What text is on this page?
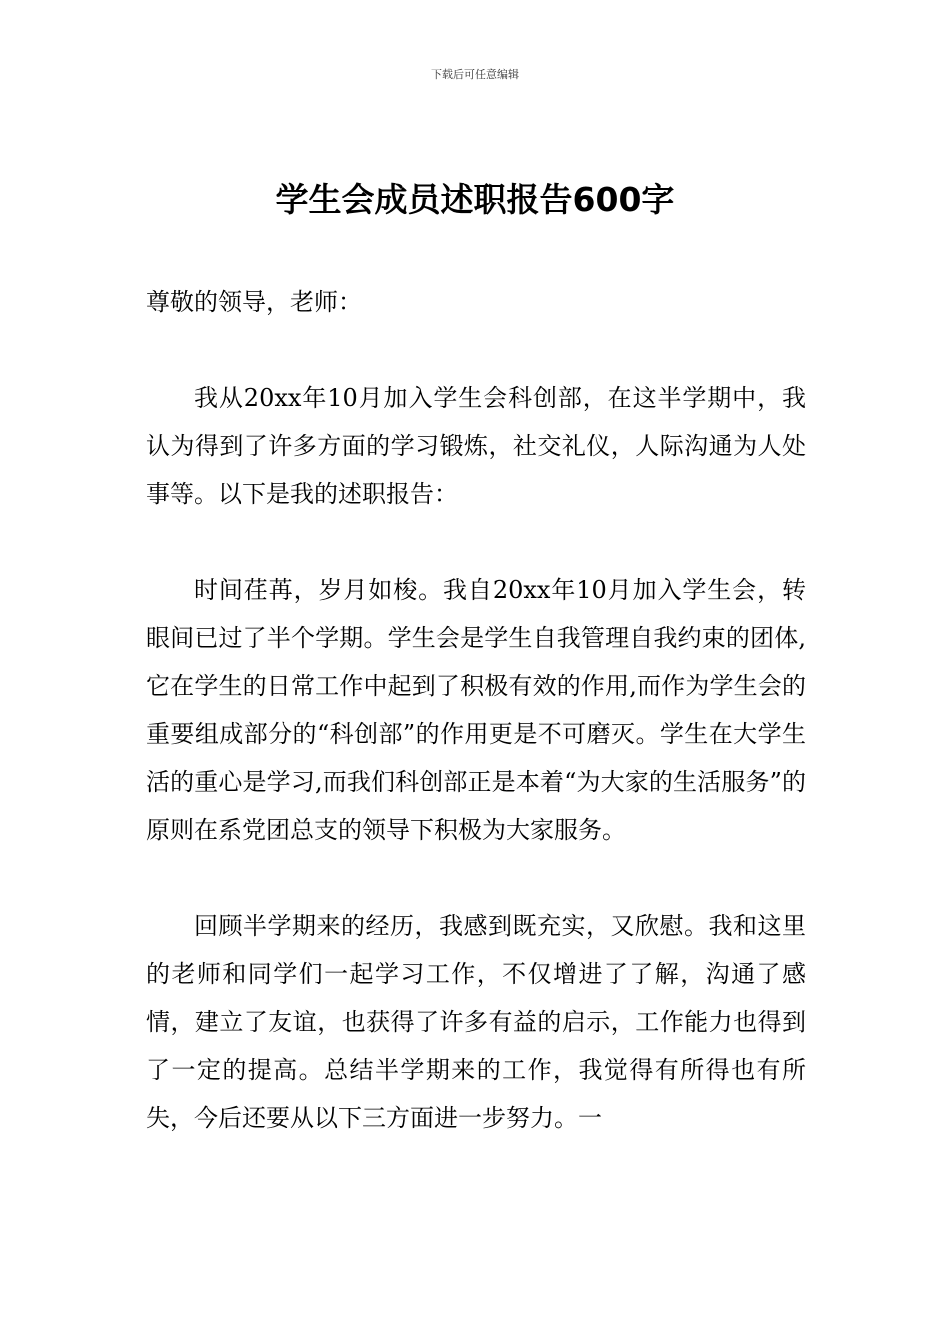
下载后可任意编辑
学生会成员述职报告600字

尊敬的领导，老师：

我从20xx年10月加入学生会科创部，在这半学期中，我认为得到了许多方面的学习锻炼，社交礼仪，人际沟通为人处事等。以下是我的述职报告：

时间荏苒，岁月如梭。我自20xx年10月加入学生会，转眼间已过了半个学期。学生会是学生自我管理自我约束的团体,它在学生的日常工作中起到了积极有效的作用,而作为学生会的重要组成部分的“科创部”的作用更是不可磨灭。学生在大学生活的重心是学习,而我们科创部正是本着“为大家的生活服务”的原则在系党团总支的领导下积极为大家服务。

回顾半学期来的经历，我感到既充实，又欣慰。我和这里的老师和同学们一起学习工作，不仅增进了了解，沟通了感情，建立了友谊，也获得了许多有益的启示，工作能力也得到了一定的提高。总结半学期来的工作，我觉得有所得也有所失，今后还要从以下三方面进一步努力。一
